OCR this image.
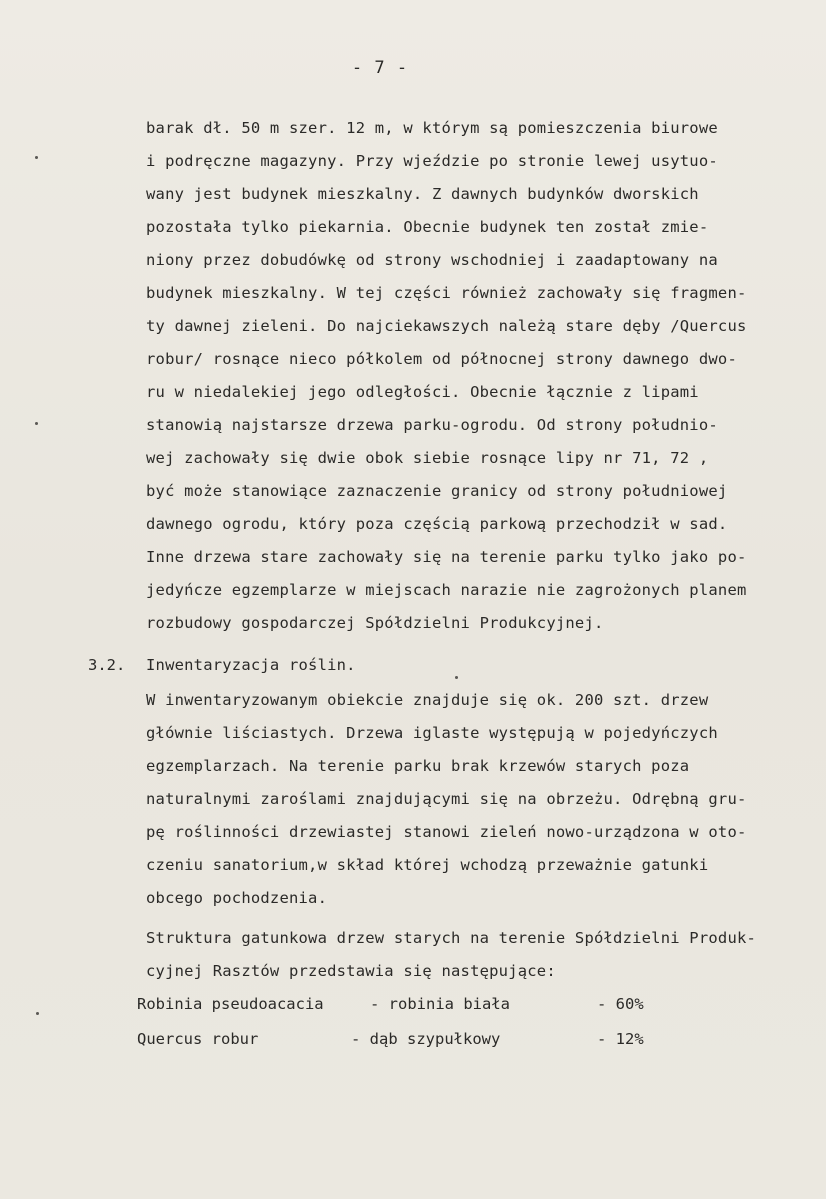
- 7 -
barak dł. 50 m szer. 12 m, w którym są pomieszczenia biurowe
i podręczne magazyny. Przy wjeździe po stronie lewej usytuo-
wany jest budynek mieszkalny. Z dawnych budynków dworskich
pozostała tylko piekarnia. Obecnie budynek ten został zmie-
niony przez dobudówkę od strony wschodniej i zaadaptowany na
budynek mieszkalny. W tej części również zachowały się fragmen-
ty dawnej zieleni. Do najciekawszych należą stare dęby /Quercus
robur/ rosnące nieco półkolem od północnej strony dawnego dwo-
ru w niedalekiej jego odległości. Obecnie łącznie z lipami
stanowią najstarsze drzewa parku-ogrodu. Od strony południo-
wej zachowały się dwie obok siebie rosnące lipy nr 71, 72 ,
być może stanowiące zaznaczenie granicy od strony południowej
dawnego ogrodu, który poza częścią parkową przechodził w sad.
Inne drzewa stare zachowały się na terenie parku tylko jako po-
jedyńcze egzemplarze w miejscach narazie nie zagrożonych planem
rozbudowy gospodarczej Spółdzielni Produkcyjnej.
3.2. Inwentaryzacja roślin.
W inwentaryzowanym obiekcie znajduje się ok. 200 szt. drzew
głównie liściastych. Drzewa iglaste występują w pojedyńczych
egzemplarzach. Na terenie parku brak krzewów starych poza
naturalnymi zaroślami znajdującymi się na obrzeżu. Odrębną gru-
pę roślinności drzewiastej stanowi zieleń nowo-urządzona w oto-
czeniu sanatorium,w skład której wchodzą przeważnie gatunki
obcego pochodzenia.
Struktura gatunkowa drzew starych na terenie Spółdzielni Produk-
cyjnej Rasztów przedstawia się następujące:
Robinia pseudoacacia	- robinia biała	- 60%
Quercus robur	- dąb szypułkowy	- 12%
